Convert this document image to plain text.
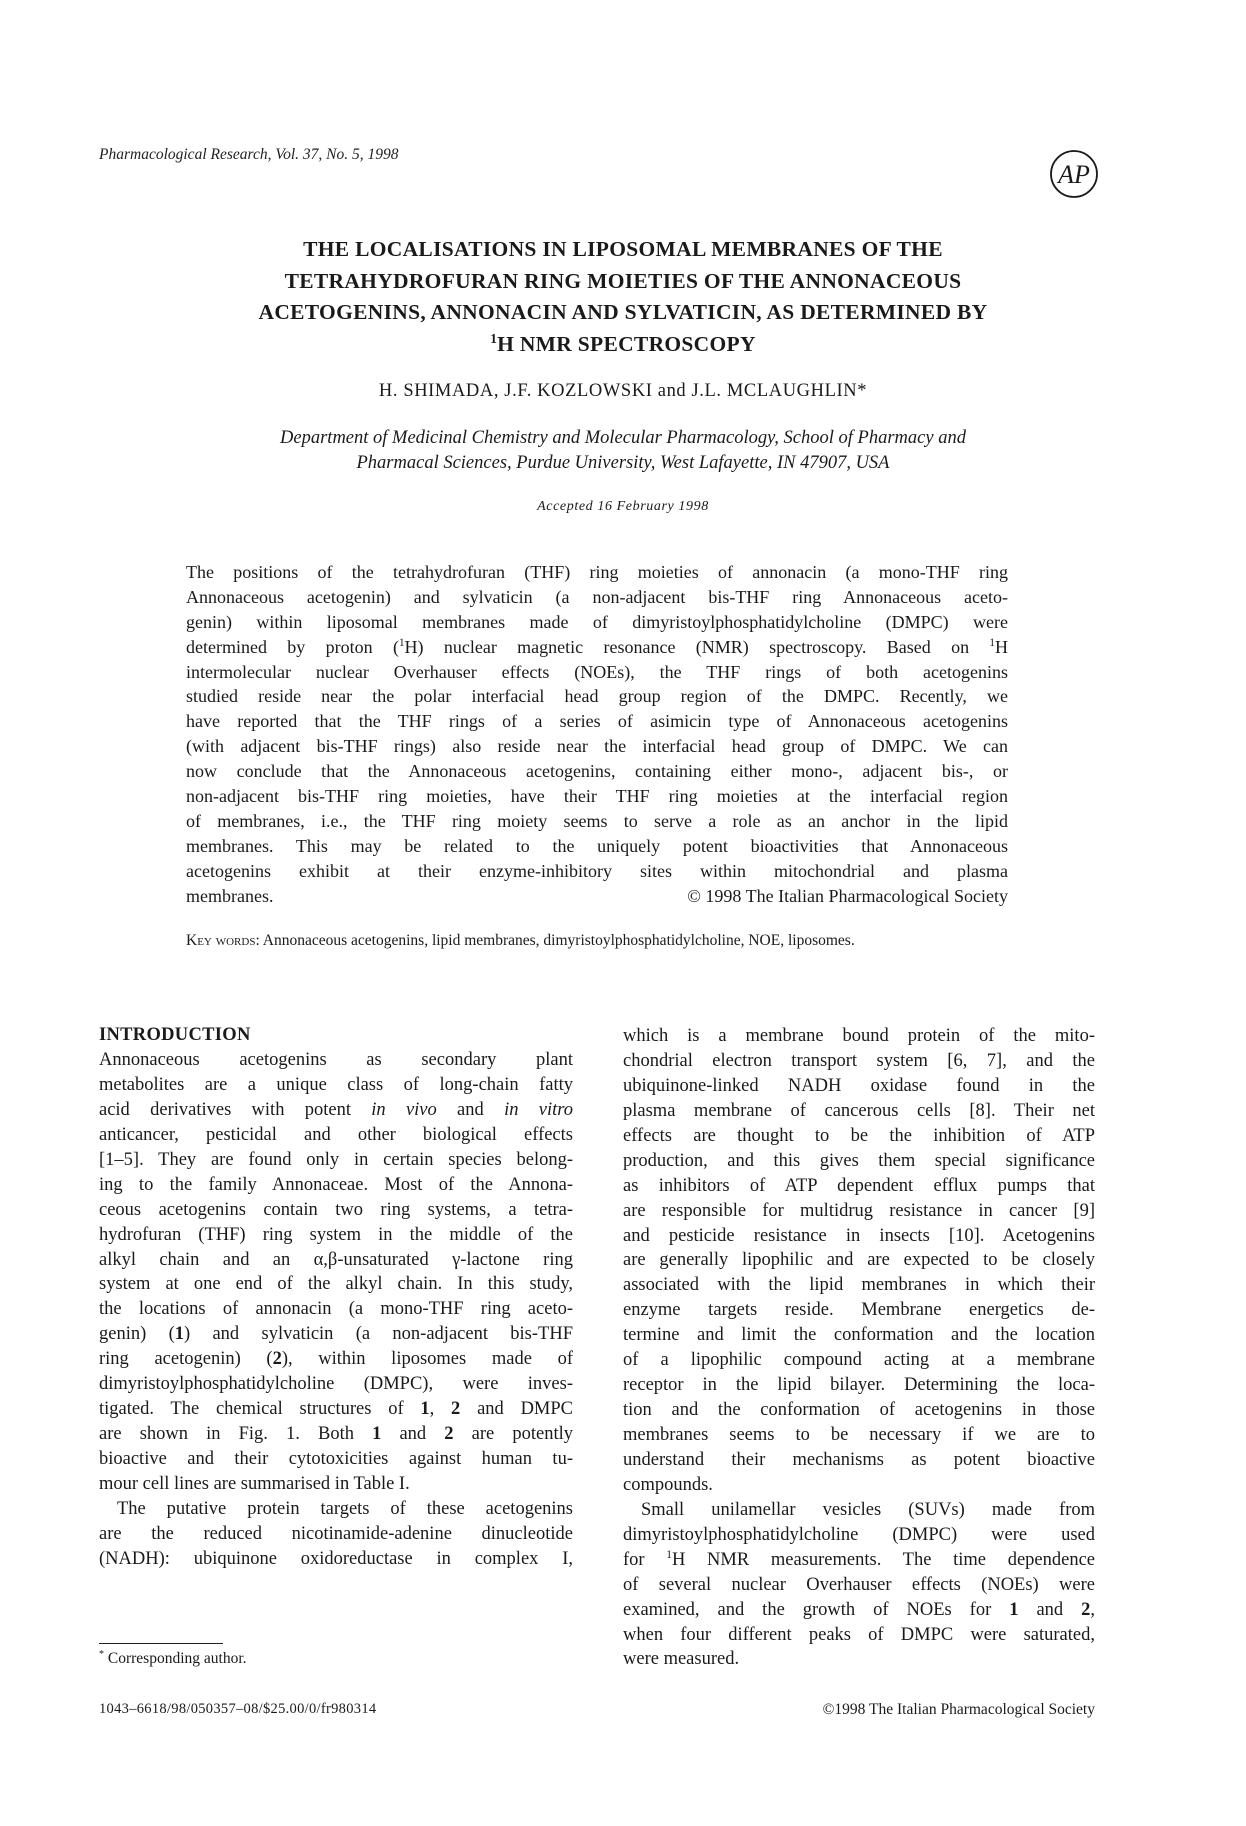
Pharmacological Research, Vol. 37, No. 5, 1998
AP
THE LOCALISATIONS IN LIPOSOMAL MEMBRANES OF THE
TETRAHYDROFURAN RING MOIETIES OF THE ANNONACEOUS
ACETOGENINS, ANNONACIN AND SYLVATICIN, AS DETERMINED BY
$^1$H NMR SPECTROSCOPY
H. SHIMADA, J.F. KOZLOWSKI and J.L. MCLAUGHLIN*
Department of Medicinal Chemistry and Molecular Pharmacology, School of Pharmacy and
Pharmacal Sciences, Purdue University, West Lafayette, IN 47907, USA
Accepted 16 February 1998
The positions of the tetrahydrofuran (THF) ring moieties of annonacin (a mono-THF ring
Annonaceous acetogenin) and sylvaticin (a non-adjacent bis-THF ring Annonaceous aceto-
genin) within liposomal membranes made of dimyristoylphosphatidylcholine (DMPC) were
determined by proton ($^1$H) nuclear magnetic resonance (NMR) spectroscopy. Based on $^1$H
intermolecular nuclear Overhauser effects (NOEs), the THF rings of both acetogenins
studied reside near the polar interfacial head group region of the DMPC. Recently, we
have reported that the THF rings of a series of asimicin type of Annonaceous acetogenins
(with adjacent bis-THF rings) also reside near the interfacial head group of DMPC. We can
now conclude that the Annonaceous acetogenins, containing either mono-, adjacent bis-, or
non-adjacent bis-THF ring moieties, have their THF ring moieties at the interfacial region
of membranes, i.e., the THF ring moiety seems to serve a role as an anchor in the lipid
membranes. This may be related to the uniquely potent bioactivities that Annonaceous
acetogenins exhibit at their enzyme-inhibitory sites within mitochondrial and plasma
membranes.	© 1998 The Italian Pharmacological Society
Key words: Annonaceous acetogenins, lipid membranes, dimyristoylphosphatidylcholine, NOE, liposomes.
INTRODUCTION
Annonaceous acetogenins as secondary plant
metabolites are a unique class of long-chain fatty
acid derivatives with potent in vivo and in vitro
anticancer, pesticidal and other biological effects
[1–5]. They are found only in certain species belong-
ing to the family Annonaceae. Most of the Annona-
ceous acetogenins contain two ring systems, a tetra-
hydrofuran (THF) ring system in the middle of the
alkyl chain and an α,β-unsaturated γ-lactone ring
system at one end of the alkyl chain. In this study,
the locations of annonacin (a mono-THF ring aceto-
genin) (1) and sylvaticin (a non-adjacent bis-THF
ring acetogenin) (2), within liposomes made of
dimyristoylphosphatidylcholine (DMPC), were inves-
tigated. The chemical structures of 1, 2 and DMPC
are shown in Fig. 1. Both 1 and 2 are potently
bioactive and their cytotoxicities against human tu-
mour cell lines are summarised in Table I.
The putative protein targets of these acetogenins
are the reduced nicotinamide-adenine dinucleotide
(NADH): ubiquinone oxidoreductase in complex I,
which is a membrane bound protein of the mito-
chondrial electron transport system [6, 7], and the
ubiquinone-linked NADH oxidase found in the
plasma membrane of cancerous cells [8]. Their net
effects are thought to be the inhibition of ATP
production, and this gives them special significance
as inhibitors of ATP dependent efflux pumps that
are responsible for multidrug resistance in cancer [9]
and pesticide resistance in insects [10]. Acetogenins
are generally lipophilic and are expected to be closely
associated with the lipid membranes in which their
enzyme targets reside. Membrane energetics de-
termine and limit the conformation and the location
of a lipophilic compound acting at a membrane
receptor in the lipid bilayer. Determining the loca-
tion and the conformation of acetogenins in those
membranes seems to be necessary if we are to
understand their mechanisms as potent bioactive
compounds.
Small unilamellar vesicles (SUVs) made from
dimyristoylphosphatidylcholine (DMPC) were used
for $^1$H NMR measurements. The time dependence
of several nuclear Overhauser effects (NOEs) were
examined, and the growth of NOEs for 1 and 2,
when four different peaks of DMPC were saturated,
were measured.
* Corresponding author.
1043–6618/98/050357–08/$25.00/0/fr980314	©1998 The Italian Pharmacological Society
